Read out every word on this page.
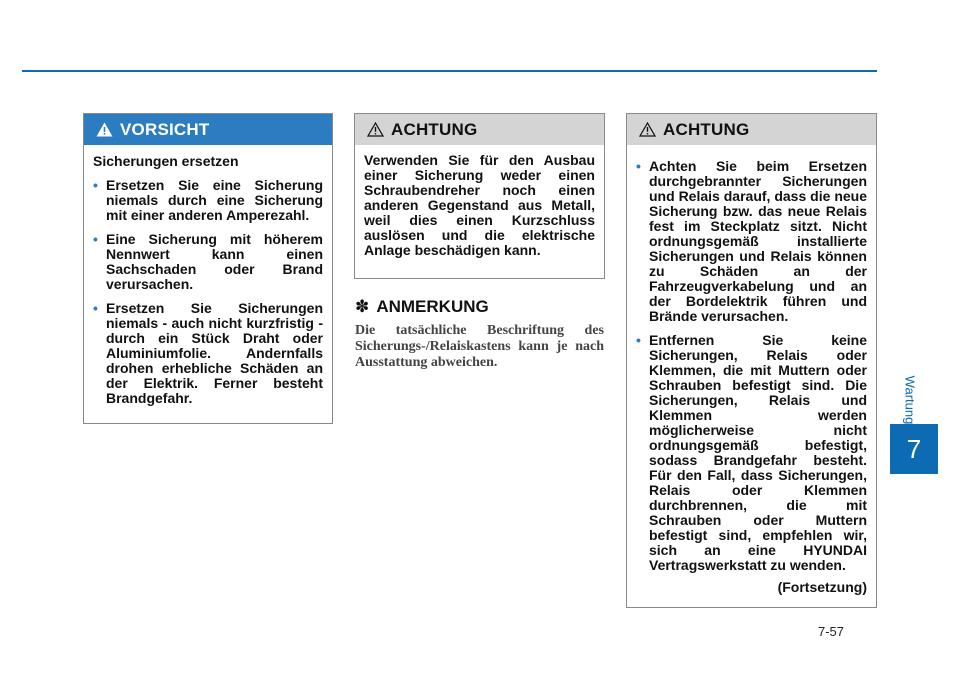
Wartung
7
VORSICHT
Sicherungen ersetzen
• Ersetzen Sie eine Sicherung niemals durch eine Sicherung mit einer anderen Amperezahl.
• Eine Sicherung mit höherem Nennwert kann einen Sachschaden oder Brand verursachen.
• Ersetzen Sie Sicherungen niemals - auch nicht kurzfristig - durch ein Stück Draht oder Aluminiumfolie. Andernfalls drohen erhebliche Schäden an der Elektrik. Ferner besteht Brandgefahr.
ACHTUNG
Verwenden Sie für den Ausbau einer Sicherung weder einen Schraubendreher noch einen anderen Gegenstand aus Metall, weil dies einen Kurzschluss auslösen und die elektrische Anlage beschädigen kann.
✽ ANMERKUNG
Die tatsächliche Beschriftung des Sicherungs-/Relaiskastens kann je nach Ausstattung abweichen.
ACHTUNG
• Achten Sie beim Ersetzen durchgebrannter Sicherungen und Relais darauf, dass die neue Sicherung bzw. das neue Relais fest im Steckplatz sitzt. Nicht ordnungsgemäß installierte Sicherungen und Relais können zu Schäden an der Fahrzeugverkabelung und an der Bordelektrik führen und Brände verursachen.
• Entfernen Sie keine Sicherungen, Relais oder Klemmen, die mit Muttern oder Schrauben befestigt sind. Die Sicherungen, Relais und Klemmen werden möglicherweise nicht ordnungsgemäß befestigt, sodass Brandgefahr besteht. Für den Fall, dass Sicherungen, Relais oder Klemmen durchbrennen, die mit Schrauben oder Muttern befestigt sind, empfehlen wir, sich an eine HYUNDAI Vertragswerkstatt zu wenden.
(Fortsetzung)
7-57
